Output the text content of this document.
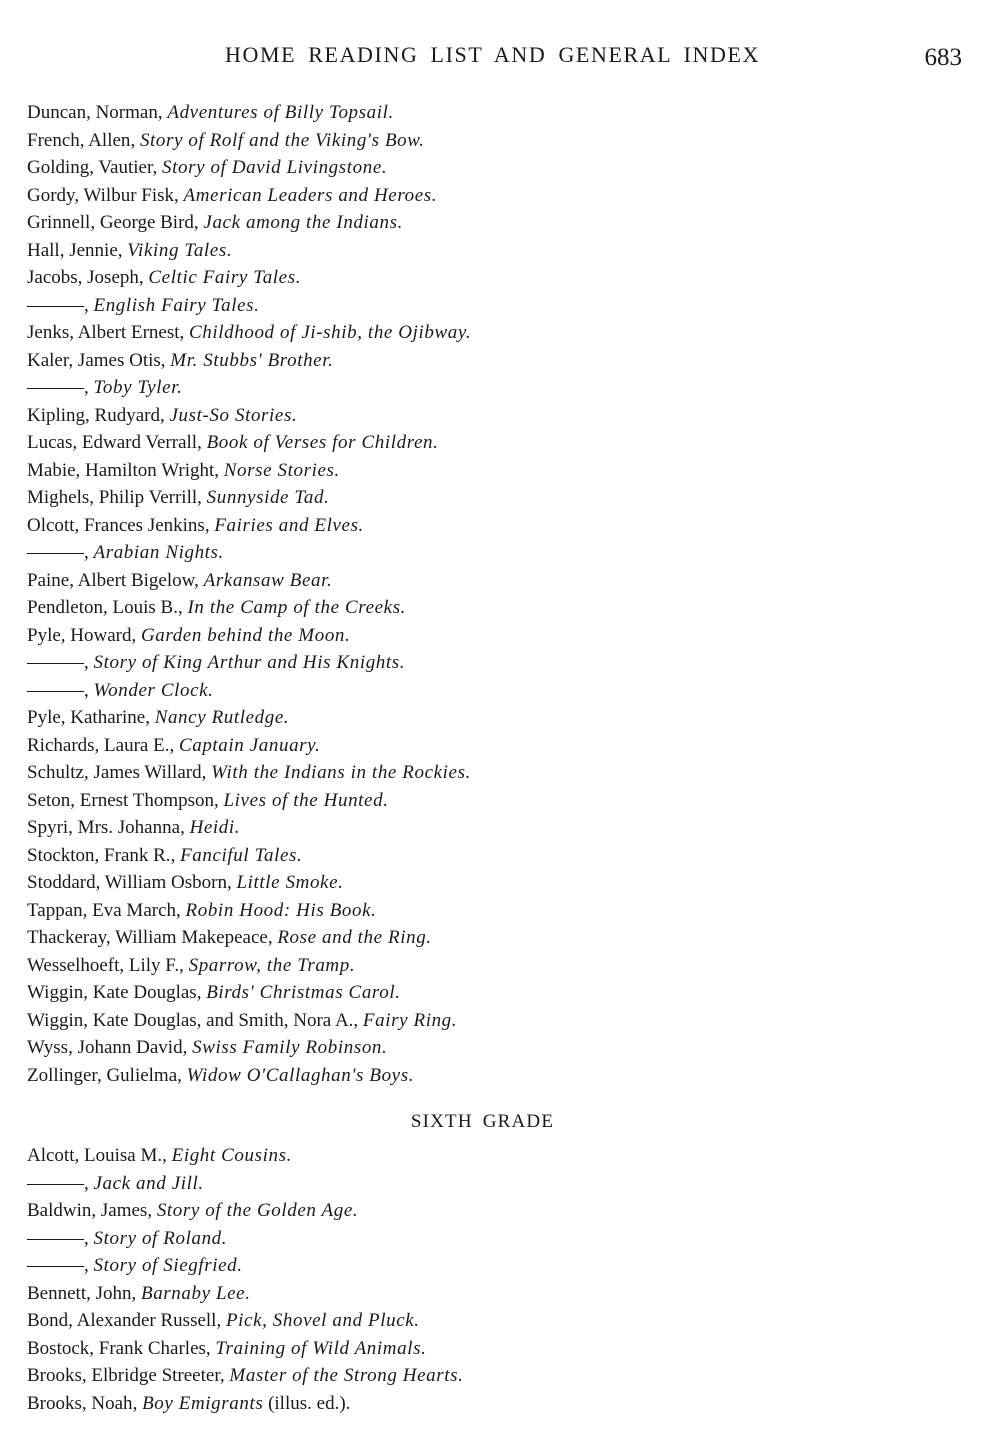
HOME READING LIST AND GENERAL INDEX	683
Duncan, Norman, Adventures of Billy Topsail.
French, Allen, Story of Rolf and the Viking's Bow.
Golding, Vautier, Story of David Livingstone.
Gordy, Wilbur Fisk, American Leaders and Heroes.
Grinnell, George Bird, Jack among the Indians.
Hall, Jennie, Viking Tales.
Jacobs, Joseph, Celtic Fairy Tales.
———, English Fairy Tales.
Jenks, Albert Ernest, Childhood of Ji-shib, the Ojibway.
Kaler, James Otis, Mr. Stubbs' Brother.
———, Toby Tyler.
Kipling, Rudyard, Just-So Stories.
Lucas, Edward Verrall, Book of Verses for Children.
Mabie, Hamilton Wright, Norse Stories.
Mighels, Philip Verrill, Sunnyside Tad.
Olcott, Frances Jenkins, Fairies and Elves.
———, Arabian Nights.
Paine, Albert Bigelow, Arkansaw Bear.
Pendleton, Louis B., In the Camp of the Creeks.
Pyle, Howard, Garden behind the Moon.
———, Story of King Arthur and His Knights.
———, Wonder Clock.
Pyle, Katharine, Nancy Rutledge.
Richards, Laura E., Captain January.
Schultz, James Willard, With the Indians in the Rockies.
Seton, Ernest Thompson, Lives of the Hunted.
Spyri, Mrs. Johanna, Heidi.
Stockton, Frank R., Fanciful Tales.
Stoddard, William Osborn, Little Smoke.
Tappan, Eva March, Robin Hood: His Book.
Thackeray, William Makepeace, Rose and the Ring.
Wesselhoeft, Lily F., Sparrow, the Tramp.
Wiggin, Kate Douglas, Birds' Christmas Carol.
Wiggin, Kate Douglas, and Smith, Nora A., Fairy Ring.
Wyss, Johann David, Swiss Family Robinson.
Zollinger, Gulielma, Widow O'Callaghan's Boys.
SIXTH GRADE
Alcott, Louisa M., Eight Cousins.
———, Jack and Jill.
Baldwin, James, Story of the Golden Age.
———, Story of Roland.
———, Story of Siegfried.
Bennett, John, Barnaby Lee.
Bond, Alexander Russell, Pick, Shovel and Pluck.
Bostock, Frank Charles, Training of Wild Animals.
Brooks, Elbridge Streeter, Master of the Strong Hearts.
Brooks, Noah, Boy Emigrants (illus. ed.).
